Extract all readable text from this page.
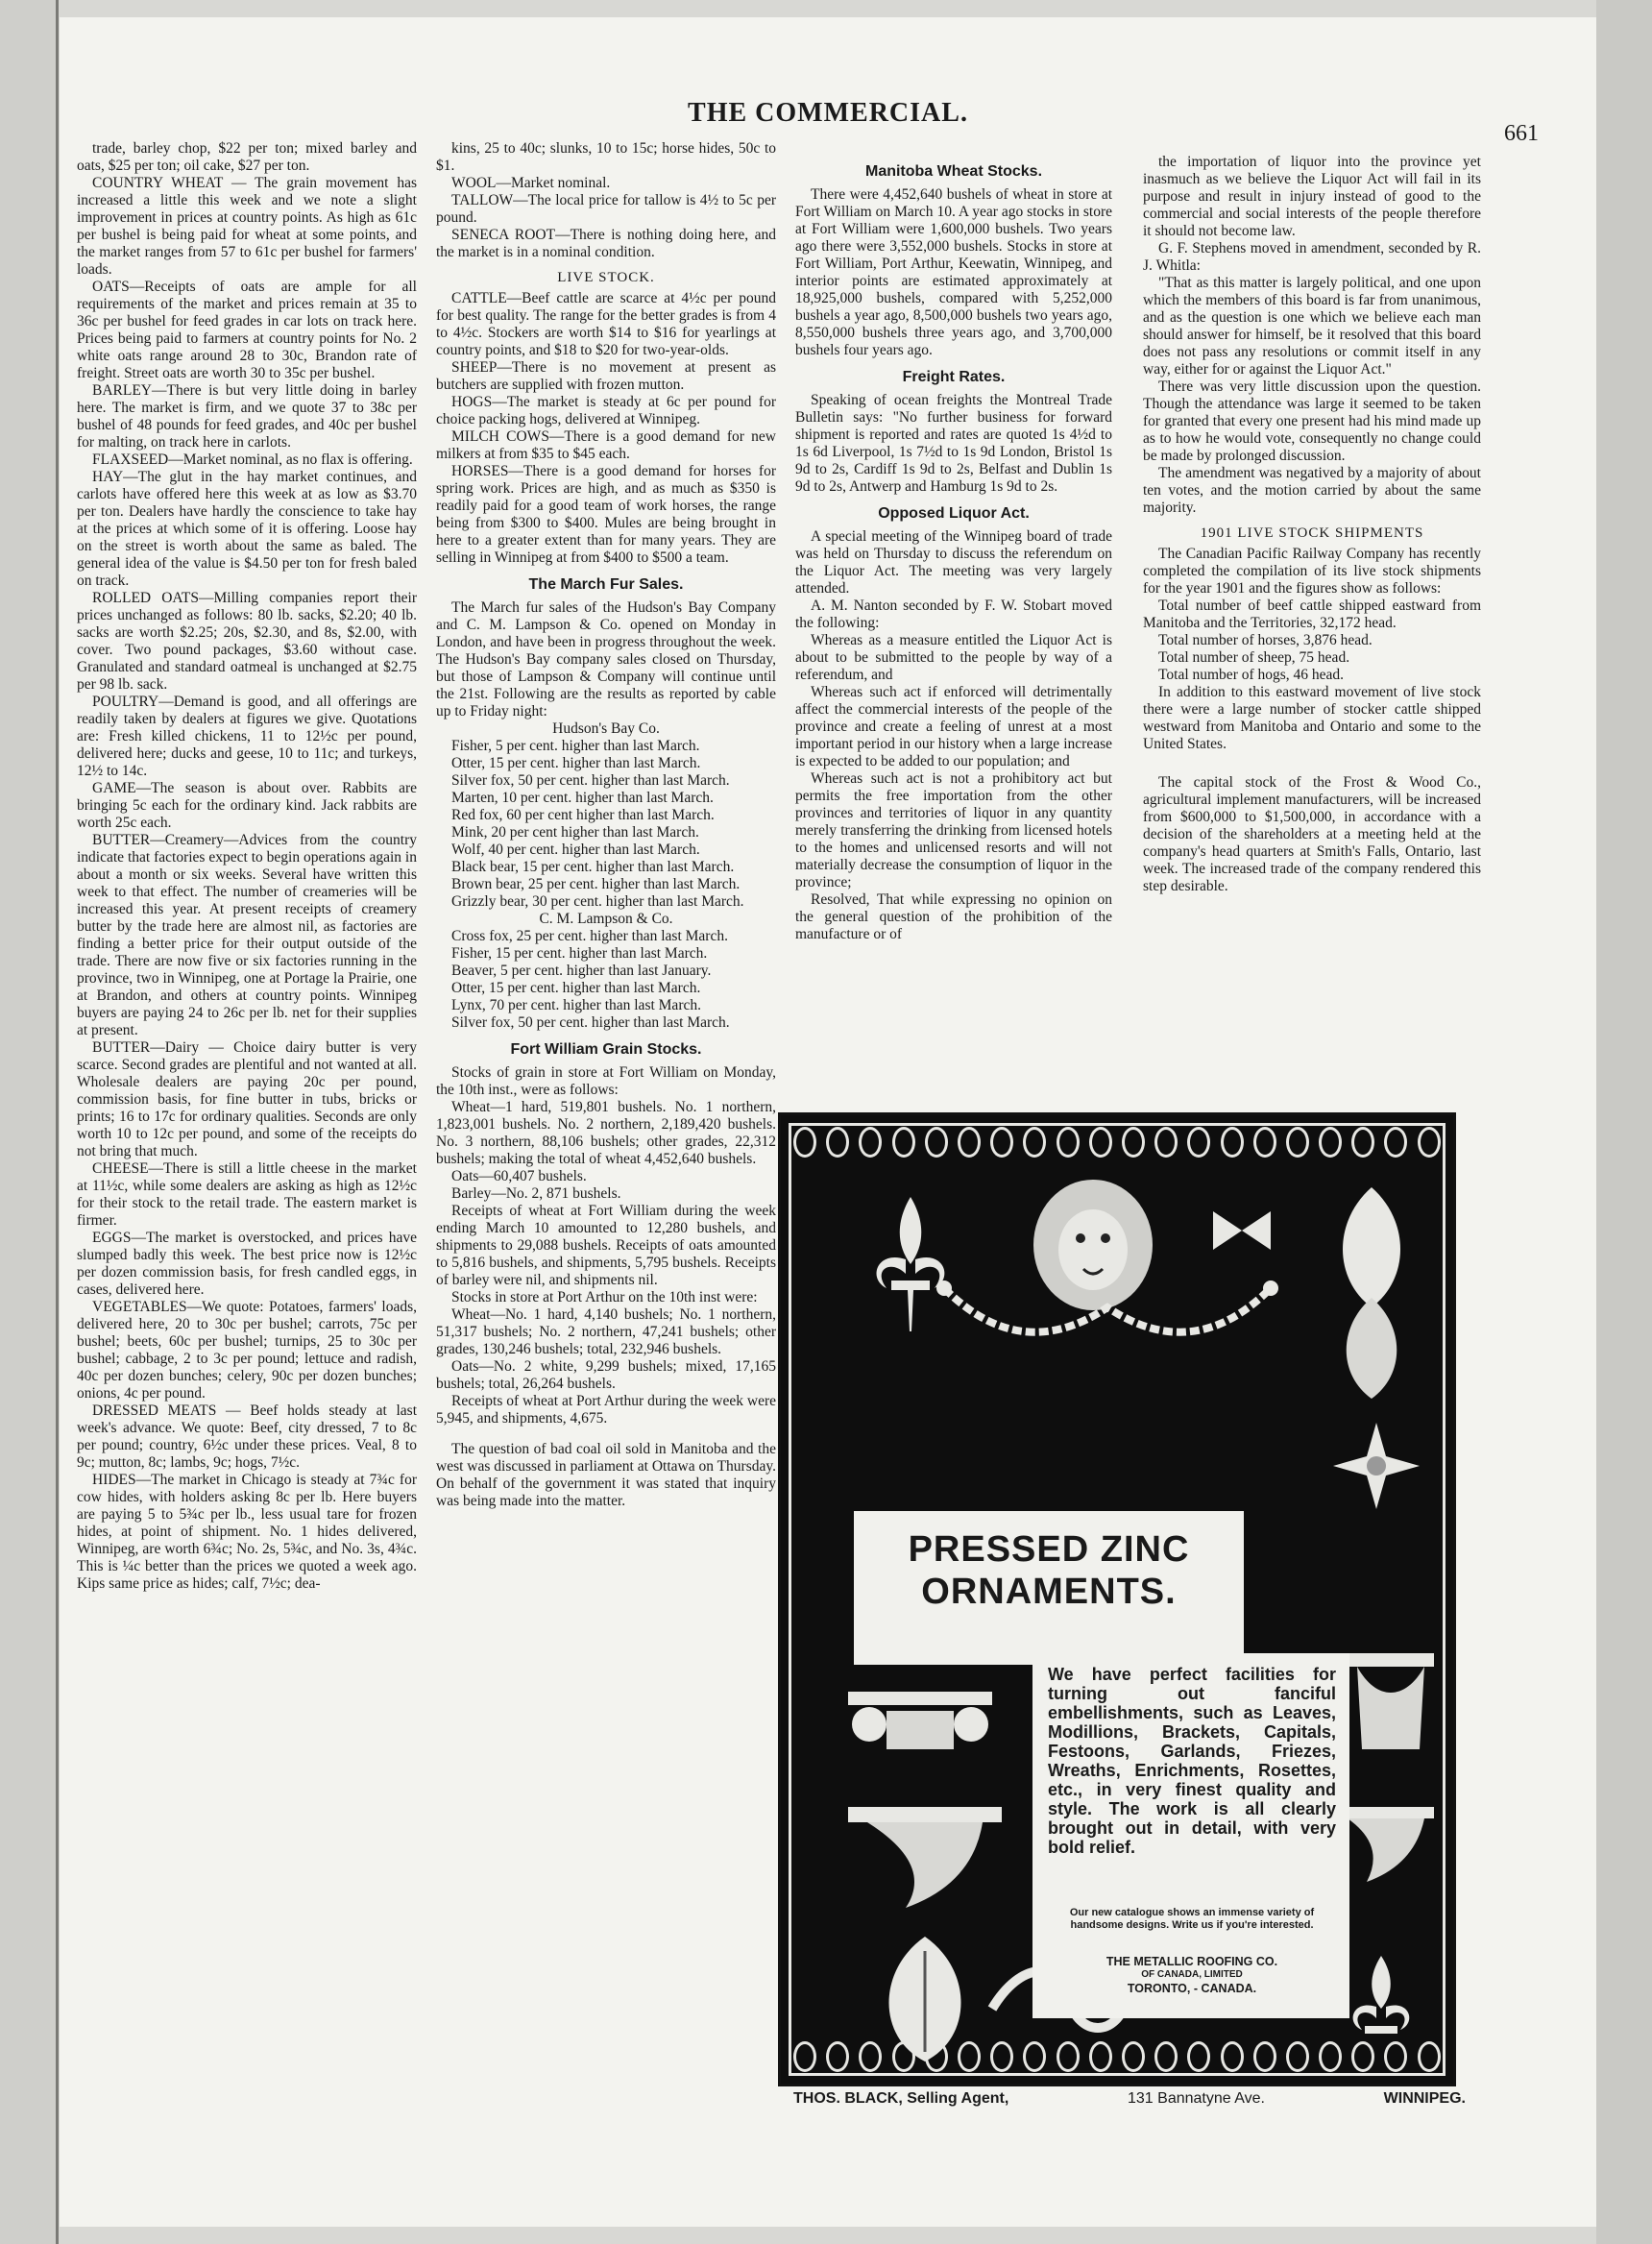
THE COMMERCIAL.
661

trade, barley chop, $22 per ton; mixed barley and oats, $25 per ton; oil cake, $27 per ton.

COUNTRY WHEAT — The grain movement has increased a little this week and we note a slight improvement in prices at country points. As high as 61c per bushel is being paid for wheat at some points, and the market ranges from 57 to 61c per bushel for farmers' loads.

OATS—Receipts of oats are ample for all requirements of the market and prices remain at 35 to 36c per bushel for feed grades in car lots on track here. Prices being paid to farmers at country points for No. 2 white oats range around 28 to 30c, Brandon rate of freight. Street oats are worth 30 to 35c per bushel.

BARLEY—There is but very little doing in barley here. The market is firm, and we quote 37 to 38c per bushel of 48 pounds for feed grades, and 40c per bushel for malting, on track here in carlots.

FLAXSEED—Market nominal, as no flax is offering.

HAY—The glut in the hay market continues, and carlots have offered here this week at as low as $3.70 per ton. Dealers have hardly the conscience to take hay at the prices at which some of it is offering. Loose hay on the street is worth about the same as baled. The general idea of the value is $4.50 per ton for fresh baled on track.

ROLLED OATS—Milling companies report their prices unchanged as follows: 80 lb. sacks, $2.20; 40 lb. sacks are worth $2.25; 20s, $2.30, and 8s, $2.00, with cover. Two pound packages, $3.60 without case. Granulated and standard oatmeal is unchanged at $2.75 per 98 lb. sack.

POULTRY—Demand is good, and all offerings are readily taken by dealers at figures we give. Quotations are: Fresh killed chickens, 11 to 12½c per pound, delivered here; ducks and geese, 10 to 11c; and turkeys, 12½ to 14c.

GAME—The season is about over. Rabbits are bringing 5c each for the ordinary kind. Jack rabbits are worth 25c each.

BUTTER—Creamery—Advices from the country indicate that factories expect to begin operations again in about a month or six weeks. Several have written this week to that effect. The number of creameries will be increased this year. At present receipts of creamery butter by the trade here are almost nil, as factories are finding a better price for their output outside of the trade. There are now five or six factories running in the province, two in Winnipeg, one at Portage la Prairie, one at Brandon, and others at country points. Winnipeg buyers are paying 24 to 26c per lb. net for their supplies at present.

BUTTER—Dairy — Choice dairy butter is very scarce. Second grades are plentiful and not wanted at all. Wholesale dealers are paying 20c per pound, commission basis, for fine butter in tubs, bricks or prints; 16 to 17c for ordinary qualities. Seconds are only worth 10 to 12c per pound, and some of the receipts do not bring that much.

CHEESE—There is still a little cheese in the market at 11½c, while some dealers are asking as high as 12½c for their stock to the retail trade. The eastern market is firmer.

EGGS—The market is overstocked, and prices have slumped badly this week. The best price now is 12½c per dozen commission basis, for fresh candled eggs, in cases, delivered here.

VEGETABLES—We quote: Potatoes, farmers' loads, delivered here, 20 to 30c per bushel; carrots, 75c per bushel; beets, 60c per bushel; turnips, 25 to 30c per bushel; cabbage, 2 to 3c per pound; lettuce and radish, 40c per dozen bunches; celery, 90c per dozen bunches; onions, 4c per pound.

DRESSED MEATS — Beef holds steady at last week's advance. We quote: Beef, city dressed, 7 to 8c per pound; country, 6½c under these prices. Veal, 8 to 9c; mutton, 8c; lambs, 9c; hogs, 7½c.

HIDES—The market in Chicago is steady at 7¾c for cow hides, with holders asking 8c per lb. Here buyers are paying 5 to 5¾c per lb., less usual tare for frozen hides, at point of shipment. No. 1 hides delivered, Winnipeg, are worth 6¾c; No. 2s, 5¾c, and No. 3s, 4¾c. This is ¼c better than the prices we quoted a week ago. Kips same price as hides; calf, 7½c; dea-

kins, 25 to 40c; slunks, 10 to 15c; horse hides, 50c to $1.

WOOL—Market nominal.

TALLOW—The local price for tallow is 4½ to 5c per pound.

SENECA ROOT—There is nothing doing here, and the market is in a nominal condition.

LIVE STOCK.

CATTLE—Beef cattle are scarce at 4½c per pound for best quality. The range for the better grades is from 4 to 4½c. Stockers are worth $14 to $16 for yearlings at country points, and $18 to $20 for two-year-olds.

SHEEP—There is no movement at present as butchers are supplied with frozen mutton.

HOGS—The market is steady at 6c per pound for choice packing hogs, delivered at Winnipeg.

MILCH COWS—There is a good demand for new milkers at from $35 to $45 each.

HORSES—There is a good demand for horses for spring work. Prices are high, and as much as $350 is readily paid for a good team of work horses, the range being from $300 to $400. Mules are being brought in here to a greater extent than for many years. They are selling in Winnipeg at from $400 to $500 a team.

The March Fur Sales.

The March fur sales of the Hudson's Bay Company and C. M. Lampson & Co. opened on Monday in London, and have been in progress throughout the week. The Hudson's Bay company sales closed on Thursday, but those of Lampson & Company will continue until the 21st. Following are the results as reported by cable up to Friday night:

Hudson's Bay Co.

Fisher, 5 per cent. higher than last March.

Otter, 15 per cent. higher than last March.

Silver fox, 50 per cent. higher than last March.

Marten, 10 per cent. higher than last March.

Red fox, 60 per cent higher than last March.

Mink, 20 per cent higher than last March.

Wolf, 40 per cent. higher than last March.

Black bear, 15 per cent. higher than last March.

Brown bear, 25 per cent. higher than last March.

Grizzly bear, 30 per cent. higher than last March.

C. M. Lampson & Co.

Cross fox, 25 per cent. higher than last March.

Fisher, 15 per cent. higher than last March.

Beaver, 5 per cent. higher than last January.

Otter, 15 per cent. higher than last March.

Lynx, 70 per cent. higher than last March.

Silver fox, 50 per cent. higher than last March.

Fort William Grain Stocks.

Stocks of grain in store at Fort William on Monday, the 10th inst., were as follows:

Wheat—1 hard, 519,801 bushels. No. 1 northern, 1,823,001 bushels. No. 2 northern, 2,189,420 bushels. No. 3 northern, 88,106 bushels; other grades, 22,312 bushels; making the total of wheat 4,452,640 bushels.

Oats—60,407 bushels.

Barley—No. 2, 871 bushels.

Receipts of wheat at Fort William during the week ending March 10 amounted to 12,280 bushels, and shipments to 29,088 bushels. Receipts of oats amounted to 5,816 bushels, and shipments, 5,795 bushels. Receipts of barley were nil, and shipments nil.

Stocks in store at Port Arthur on the 10th inst were:

Wheat—No. 1 hard, 4,140 bushels; No. 1 northern, 51,317 bushels; No. 2 northern, 47,241 bushels; other grades, 130,246 bushels; total, 232,946 bushels.

Oats—No. 2 white, 9,299 bushels; mixed, 17,165 bushels; total, 26,264 bushels.

Receipts of wheat at Port Arthur during the week were 5,945, and shipments, 4,675.

The question of bad coal oil sold in Manitoba and the west was discussed in parliament at Ottawa on Thursday. On behalf of the government it was stated that inquiry was being made into the matter.

Manitoba Wheat Stocks.

There were 4,452,640 bushels of wheat in store at Fort William on March 10. A year ago stocks in store at Fort William were 1,600,000 bushels. Two years ago there were 3,552,000 bushels. Stocks in store at Fort William, Port Arthur, Keewatin, Winnipeg, and interior points are estimated approximately at 18,925,000 bushels, compared with 5,252,000 bushels a year ago, 8,500,000 bushels two years ago, 8,550,000 bushels three years ago, and 3,700,000 bushels four years ago.

Freight Rates.

Speaking of ocean freights the Montreal Trade Bulletin says: "No further business for forward shipment is reported and rates are quoted 1s 4½d to 1s 6d Liverpool, 1s 7½d to 1s 9d London, Bristol 1s 9d to 2s, Cardiff 1s 9d to 2s, Belfast and Dublin 1s 9d to 2s, Antwerp and Hamburg 1s 9d to 2s.

Opposed Liquor Act.

A special meeting of the Winnipeg board of trade was held on Thursday to discuss the referendum on the Liquor Act. The meeting was very largely attended.

A. M. Nanton seconded by F. W. Stobart moved the following:

Whereas as a measure entitled the Liquor Act is about to be submitted to the people by way of a referendum, and

Whereas such act if enforced will detrimentally affect the commercial interests of the people of the province and create a feeling of unrest at a most important period in our history when a large increase is expected to be added to our population; and

Whereas such act is not a prohibitory act but permits the free importation from the other provinces and territories of liquor in any quantity merely transferring the drinking from licensed hotels to the homes and unlicensed resorts and will not materially decrease the consumption of liquor in the province;

Resolved, That while expressing no opinion on the general question of the prohibition of the manufacture or of

the importation of liquor into the province yet inasmuch as we believe the Liquor Act will fail in its purpose and result in injury instead of good to the commercial and social interests of the people therefore it should not become law.

G. F. Stephens moved in amendment, seconded by R. J. Whitla:

"That as this matter is largely political, and one upon which the members of this board is far from unanimous, and as the question is one which we believe each man should answer for himself, be it resolved that this board does not pass any resolutions or commit itself in any way, either for or against the Liquor Act."

There was very little discussion upon the question. Though the attendance was large it seemed to be taken for granted that every one present had his mind made up as to how he would vote, consequently no change could be made by prolonged discussion.

The amendment was negatived by a majority of about ten votes, and the motion carried by about the same majority.

1901 LIVE STOCK SHIPMENTS

The Canadian Pacific Railway Company has recently completed the compilation of its live stock shipments for the year 1901 and the figures show as follows:

Total number of beef cattle shipped eastward from Manitoba and the Territories, 32,172 head.

Total number of horses, 3,876 head.

Total number of sheep, 75 head.

Total number of hogs, 46 head.

In addition to this eastward movement of live stock there were a large number of stocker cattle shipped westward from Manitoba and Ontario and some to the United States.

The capital stock of the Frost & Wood Co., agricultural implement manufacturers, will be increased from $600,000 to $1,500,000, in accordance with a decision of the shareholders at a meeting held at the company's head quarters at Smith's Falls, Ontario, last week. The increased trade of the company rendered this step desirable.

PRESSED ZINC
ORNAMENTS.
We have perfect facilities for turning out fanciful embellishments, such as Leaves, Modillions, Brackets, Capitals, Festoons, Garlands, Friezes, Wreaths, Enrichments, Rosettes, etc., in very finest quality and style. The work is all clearly brought out in detail, with very bold relief.
Our new catalogue shows an immense variety of handsome designs. Write us if you're interested.
THE METALLIC ROOFING CO.
OF CANADA, LIMITED
TORONTO, - CANADA.
THOS. BLACK, Selling Agent,	131 Bannatyne Ave.	WINNIPEG.
